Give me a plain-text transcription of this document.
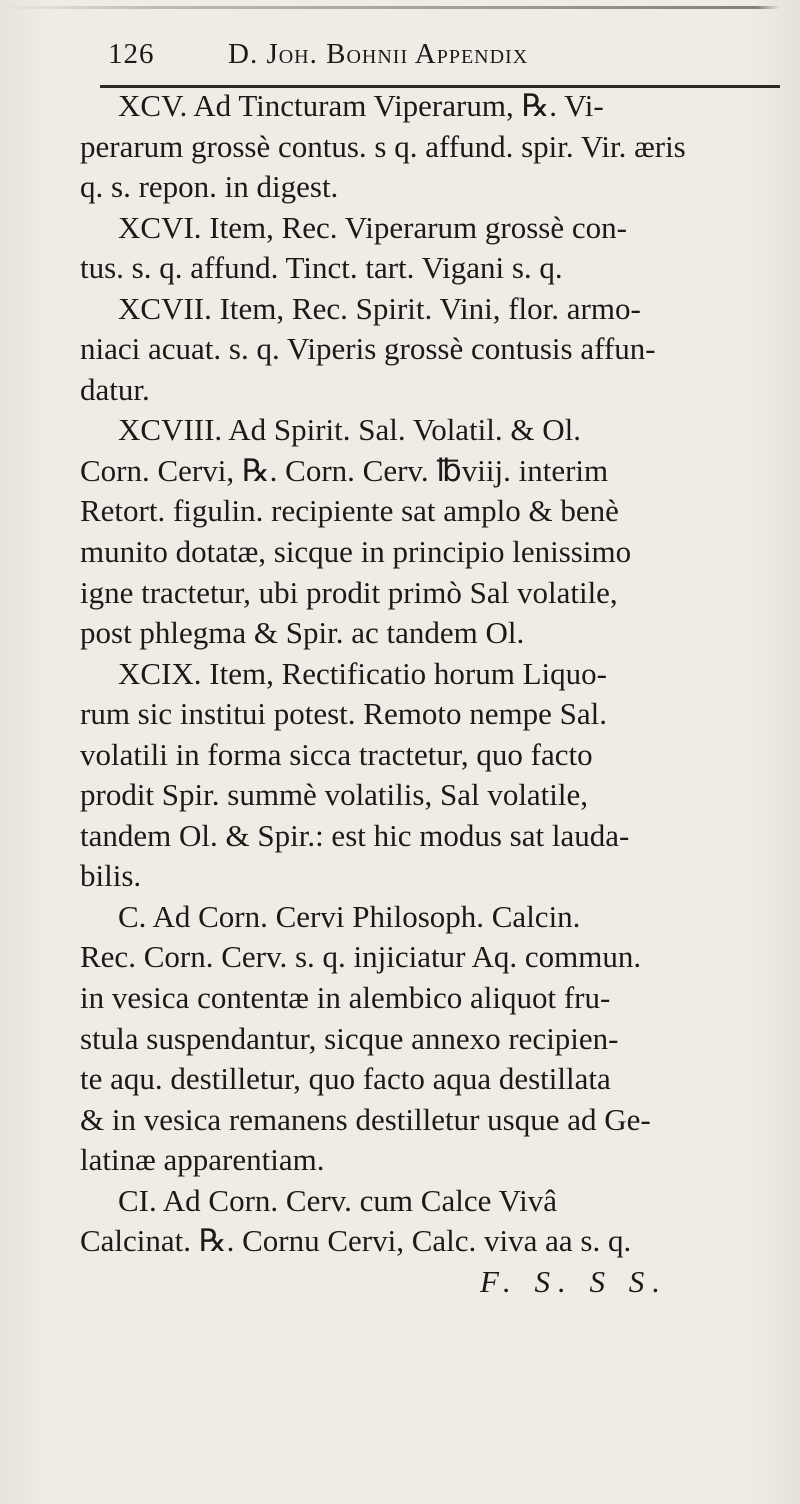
126	D. Joh. Bohnii Appendix
XCV. Ad Tincturam Viperarum, ℞. Vi-
perarum grossè contus. s q. affund. spir. Vir. æris
q. s. repon. in digest.
XCVI. Item, Rec. Viperarum grossè con-
tus. s. q. affund. Tinct. tart. Vigani s. q.
XCVII. Item, Rec. Spirit. Vini, flor. armo-
niaci acuat. s. q. Viperis grossè contusis affun-
datur.
XCVIII. Ad Spirit. Sal. Volatil. & Ol.
Corn. Cervi, ℞. Corn. Cerv. ℔viij. interim
Retort. figulin. recipiente sat amplo & benè
munito dotatæ, sicque in principio lenissimo
igne tractetur, ubi prodit primò Sal volatile,
post phlegma & Spir. ac tandem Ol.
XCIX. Item, Rectificatio horum Liquo-
rum sic institui potest. Remoto nempe Sal.
volatili in forma sicca tractetur, quo facto
prodit Spir. summè volatilis, Sal volatile,
tandem Ol. & Spir.: est hic modus sat lauda-
bilis.
C. Ad Corn. Cervi Philosoph. Calcin.
Rec. Corn. Cerv. s. q. injiciatur Aq. commun.
in vesica contentæ in alembico aliquot fru-
stula suspendantur, sicque annexo recipien-
te aqu. destilletur, quo facto aqua destillata
& in vesica remanens destilletur usque ad Ge-
latinæ apparentiam.
CI. Ad Corn. Cerv. cum Calce Vivâ
Calcinat. ℞. Cornu Cervi, Calc. viva aa s. q.
F. S. S S.
